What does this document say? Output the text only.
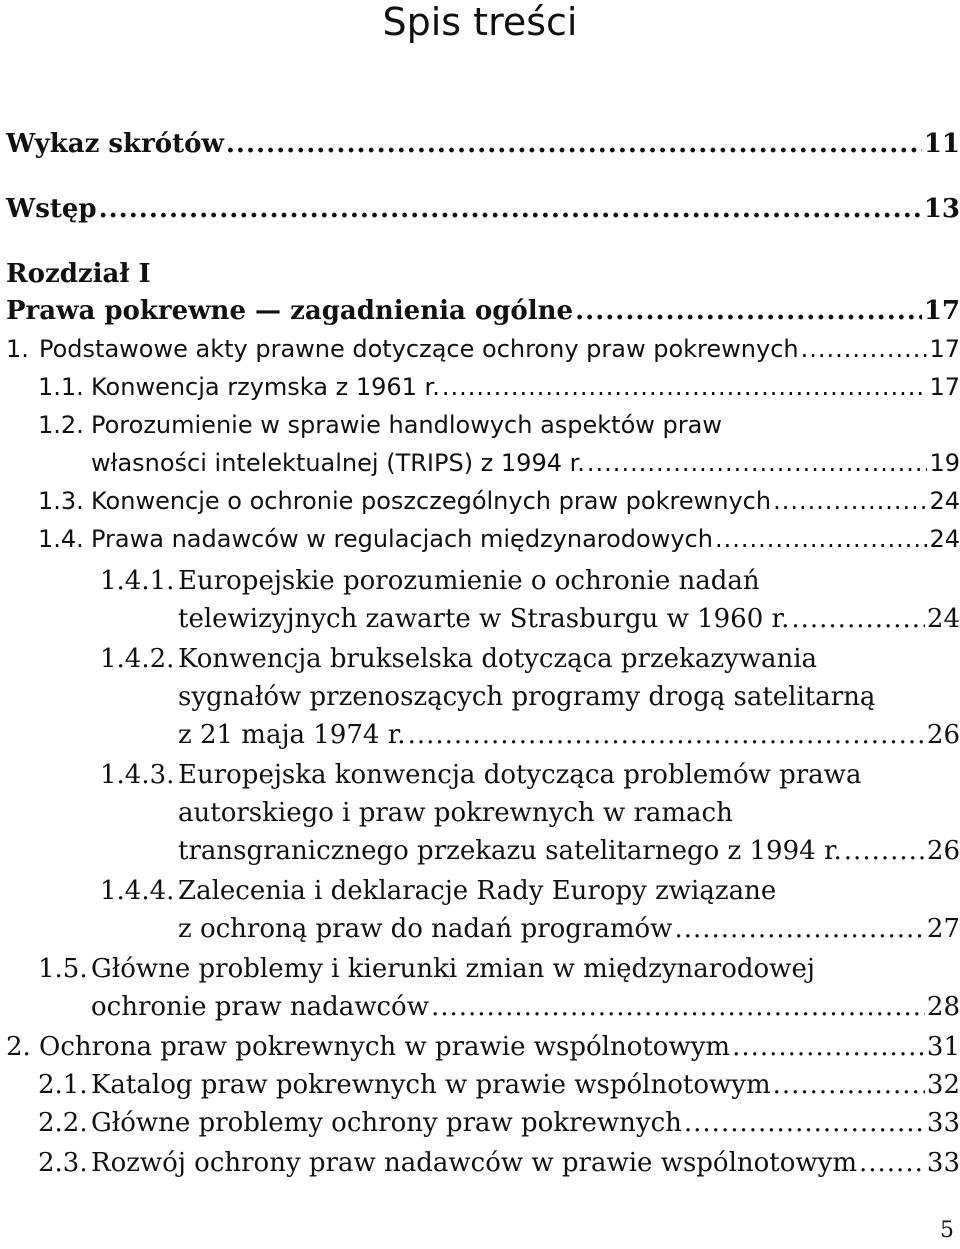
Spis treści
Wykaz skrótów .....	11
Wstęp .....	13
Rozdział I
Prawa pokrewne — zagadnienia ogólne .....	17
1. Podstawowe akty prawne dotyczące ochrony praw pokrewnych .....	17
1.1. Konwencja rzymska z 1961 r. .....	17
1.2. Porozumienie w sprawie handlowych aspektów praw
własności intelektualnej (TRIPS) z 1994 r. .....	19
1.3. Konwencje o ochronie poszczególnych praw pokrewnych .....	24
1.4. Prawa nadawców w regulacjach międzynarodowych .....	24
1.4.1. Europejskie porozumienie o ochronie nadań
telewizyjnych zawarte w Strasburgu w 1960 r. .....	24
1.4.2. Konwencja brukselska dotycząca przekazywania
sygnałów przenoszących programy drogą satelitarną
z 21 maja 1974 r. .....	26
1.4.3. Europejska konwencja dotycząca problemów prawa
autorskiego i praw pokrewnych w ramach
transgranicznego przekazu satelitarnego z 1994 r. .....	26
1.4.4. Zalecenia i deklaracje Rady Europy związane
z ochroną praw do nadań programów .....	27
1.5. Główne problemy i kierunki zmian w międzynarodowej
ochronie praw nadawców .....	28
2. Ochrona praw pokrewnych w prawie wspólnotowym .....	31
2.1. Katalog praw pokrewnych w prawie wspólnotowym .....	32
2.2. Główne problemy ochrony praw pokrewnych .....	33
2.3. Rozwój ochrony praw nadawców w prawie wspólnotowym .....	33
5
